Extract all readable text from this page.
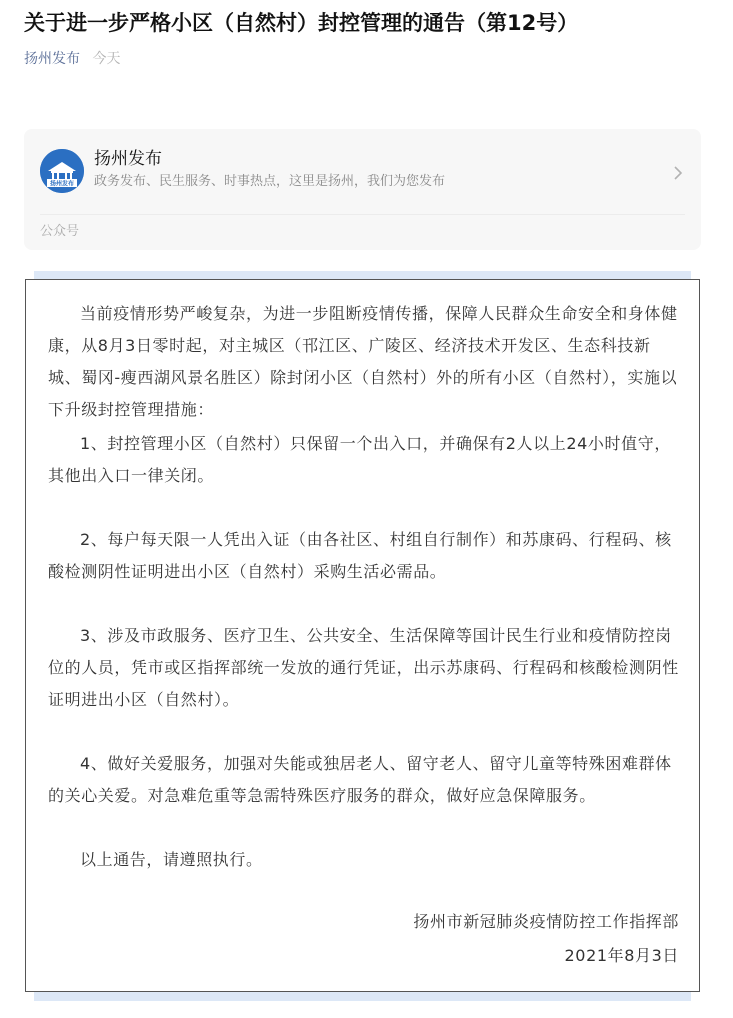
关于进一步严格小区（自然村）封控管理的通告（第12号）
扬州发布 今天
扬州发布
扬州发布
政务发布、民生服务、时事热点，这里是扬州，我们为您发布
公众号
当前疫情形势严峻复杂，为进一步阻断疫情传播，保障人民群众生命安全和身体健康，从8月3日零时起，对主城区（邗江区、广陵区、经济技术开发区、生态科技新城、蜀冈-瘦西湖风景名胜区）除封闭小区（自然村）外的所有小区（自然村），实施以下升级封控管理措施：
1、封控管理小区（自然村）只保留一个出入口，并确保有2人以上24小时值守，其他出入口一律关闭。
2、每户每天限一人凭出入证（由各社区、村组自行制作）和苏康码、行程码、核酸检测阴性证明进出小区（自然村）采购生活必需品。
3、涉及市政服务、医疗卫生、公共安全、生活保障等国计民生行业和疫情防控岗位的人员，凭市或区指挥部统一发放的通行凭证，出示苏康码、行程码和核酸检测阴性证明进出小区（自然村）。
4、做好关爱服务，加强对失能或独居老人、留守老人、留守儿童等特殊困难群体的关心关爱。对急难危重等急需特殊医疗服务的群众，做好应急保障服务。
以上通告，请遵照执行。
扬州市新冠肺炎疫情防控工作指挥部
2021年8月3日
